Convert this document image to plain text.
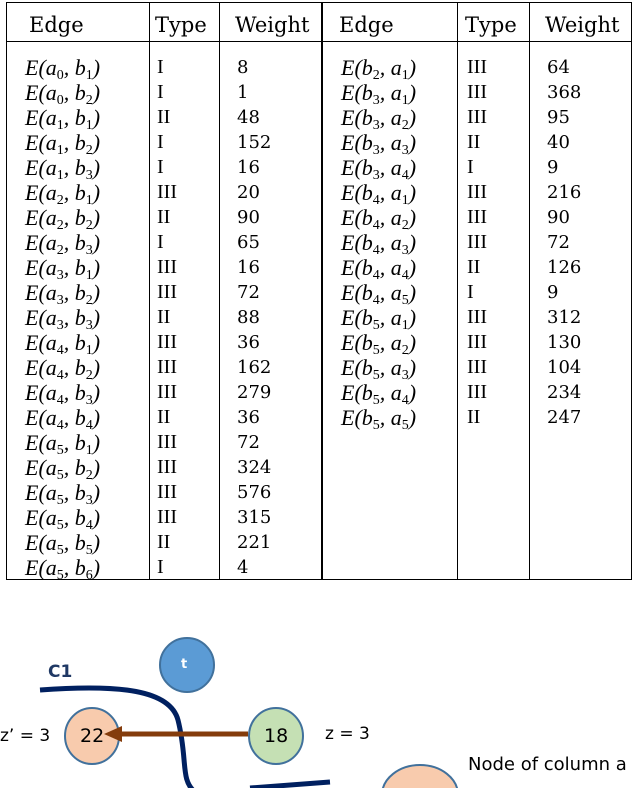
Edge	Type Weight Edge	Type Weight
$E(a_0$, $b_1$)	I	8
$E(a_0$, $b_2$)	I	1
$E(a_1$, $b_1$)	II	48
$E(a_1$, $b_2$)	I	152
$E(a_1$, $b_3$)	I	16
$E(a_2$, $b_1$)	III	20
$E(a_2$, $b_2$)	II	90
$E(a_2$, $b_3$)	I	65
$E(a_3$, $b_1$)	III	16
$E(a_3$, $b_2$)	III	72
$E(a_3$, $b_3$)	II	88
$E(a_4$, $b_1$)	III	36
$E(a_4$, $b_2$)	III	162
$E(a_4$, $b_3$)	III	279
$E(a_4$, $b_4$)	II	36
$E(a_5$, $b_1$)	III	72
$E(a_5$, $b_2$)	III	324
$E(a_5$, $b_3$)	III	576
$E(a_5$, $b_4$)	III	315
$E(a_5$, $b_5$)	II	221
$E(a_5$, $b_6$)	I	4
$E(b_2$, $a_1$)	III	64
$E(b_3$, $a_1$)	III	368
$E(b_3$, $a_2$)	III	95
$E(b_3$, $a_3$)	II	40
$E(b_3$, $a_4$)	I	9
$E(b_4$, $a_1$)	III	216
$E(b_4$, $a_2$)	III	90
$E(b_4$, $a_3$)	III	72
$E(b_4$, $a_4$)	II	126
$E(b_4$, $a_5$)	I	9
$E(b_5$, $a_1$)	III	312
$E(b_5$, $a_2$)	III	130
$E(b_5$, $a_3$)	III	104
$E(b_5$, $a_4$)	III	234
$E(b_5$, $a_5$)	II	247
C1	t
22	18
z’ = 3	z = 3
Node of column a
